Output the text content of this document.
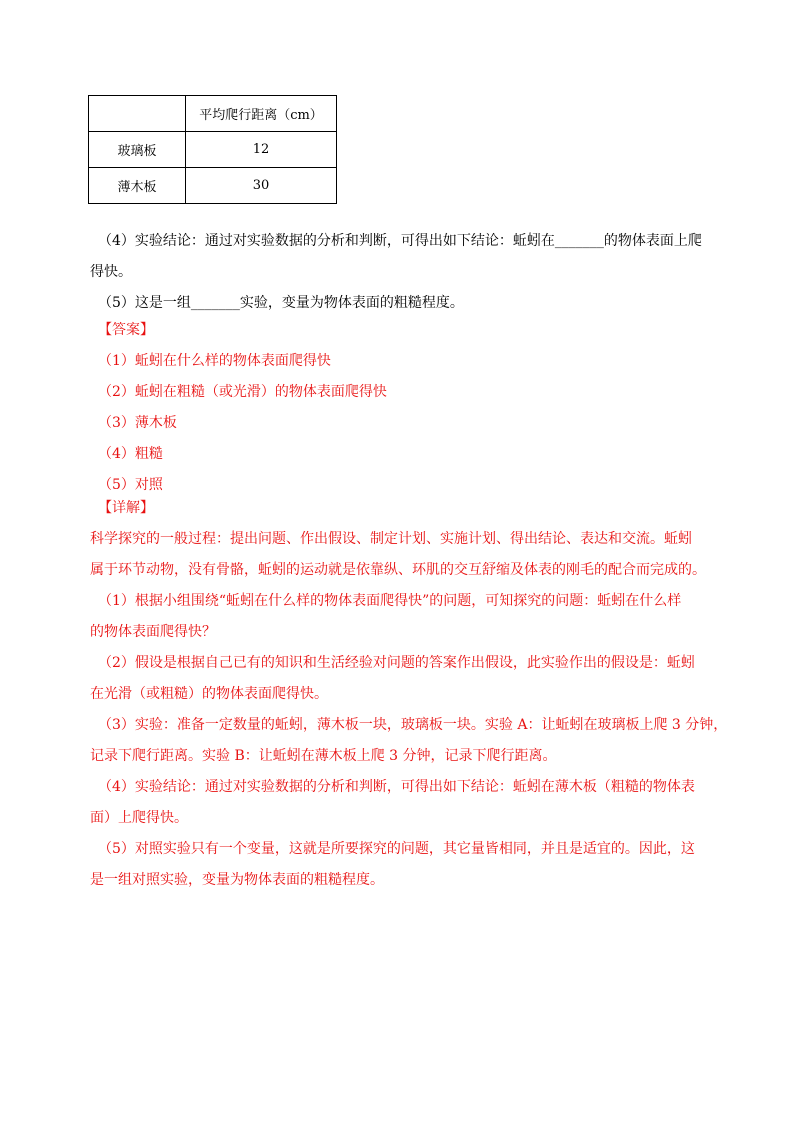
	平均爬行距离（cm）
玻璃板	12
薄木板	30
（4）实验结论：通过对实验数据的分析和判断，可得出如下结论：蚯蚓在_______的物体表面上爬
得快。
（5）这是一组_______实验，变量为物体表面的粗糙程度。
【答案】
（1）蚯蚓在什么样的物体表面爬得快
（2）蚯蚓在粗糙（或光滑）的物体表面爬得快
（3）薄木板
（4）粗糙
（5）对照
【详解】
科学探究的一般过程：提出问题、作出假设、制定计划、实施计划、得出结论、表达和交流。蚯蚓
属于环节动物，没有骨骼，蚯蚓的运动就是依靠纵、环肌的交互舒缩及体表的刚毛的配合而完成的。
（1）根据小组围绕“蚯蚓在什么样的物体表面爬得快”的问题，可知探究的问题：蚯蚓在什么样
的物体表面爬得快？
（2）假设是根据自己已有的知识和生活经验对问题的答案作出假设，此实验作出的假设是：蚯蚓
在光滑（或粗糙）的物体表面爬得快。
（3）实验：准备一定数量的蚯蚓，薄木板一块，玻璃板一块。实验 A：让蚯蚓在玻璃板上爬 3 分钟，
记录下爬行距离。实验 B：让蚯蚓在薄木板上爬 3 分钟，记录下爬行距离。
（4）实验结论：通过对实验数据的分析和判断，可得出如下结论：蚯蚓在薄木板（粗糙的物体表
面）上爬得快。
（5）对照实验只有一个变量，这就是所要探究的问题，其它量皆相同，并且是适宜的。因此，这
是一组对照实验，变量为物体表面的粗糙程度。
